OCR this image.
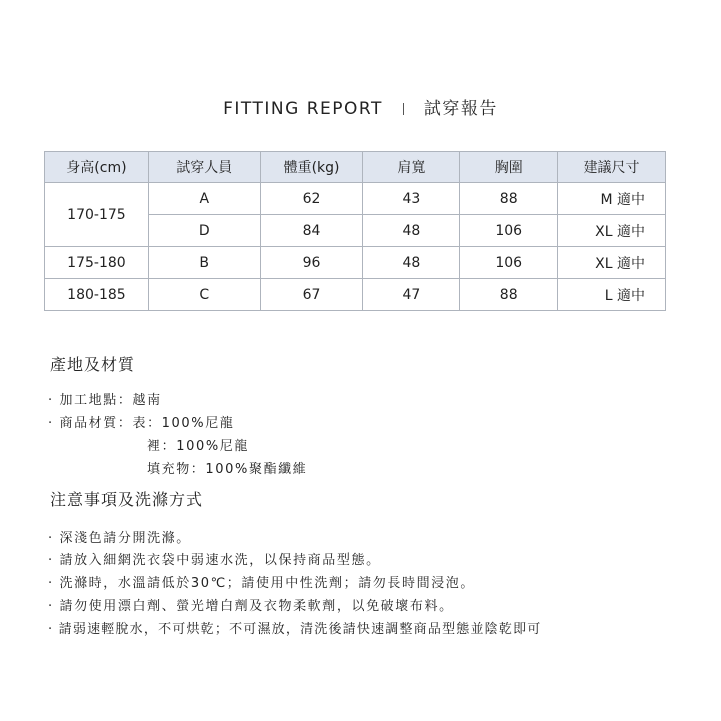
FITTING REPORT 試穿報告
身高(cm)	試穿人員	體重(kg)	肩寬	胸圍	建議尺寸
170-175	A	62	43	88	M 適中
	D	84	48	106	XL 適中
175-180	B	96	48	106	XL 適中
180-185	C	67	47	88	L 適中
產地及材質
· 加工地點：越南
· 商品材質：表：100%尼龍
裡：100%尼龍
填充物：100%聚酯纖維
注意事項及洗滌方式
· 深淺色請分開洗滌。
· 請放入細網洗衣袋中弱速水洗，以保持商品型態。
· 洗滌時，水溫請低於30℃；請使用中性洗劑；請勿長時間浸泡。
· 請勿使用漂白劑、螢光增白劑及衣物柔軟劑，以免破壞布料。
· 請弱速輕脫水，不可烘乾；不可濕放，清洗後請快速調整商品型態並陰乾即可
